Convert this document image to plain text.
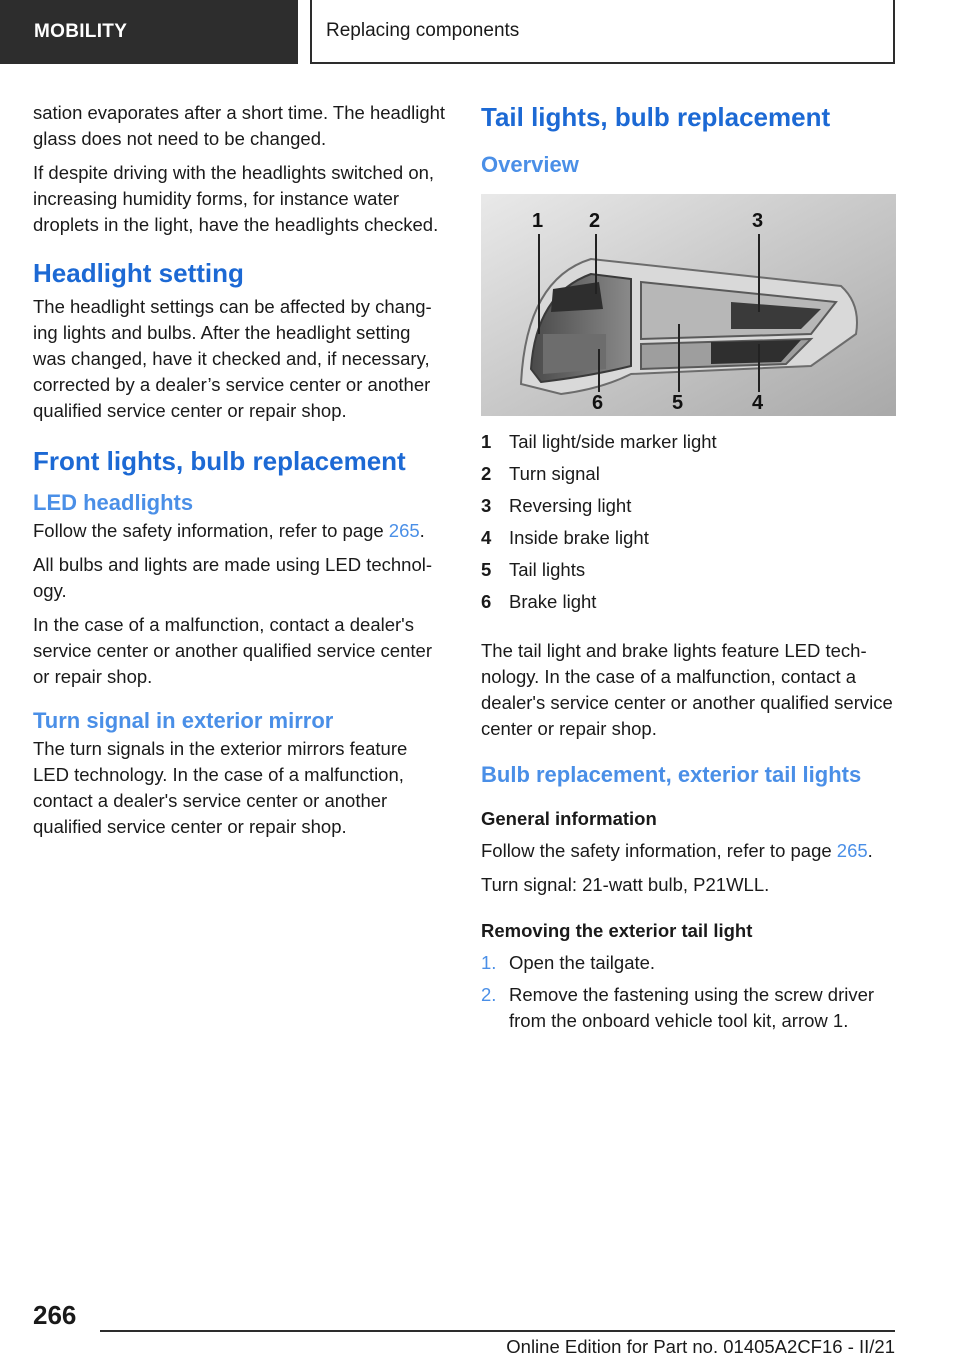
MOBILITY	Replacing components

sation evaporates after a short time. The headlight glass does not need to be changed.

If despite driving with the headlights switched on, increasing humidity forms, for instance water droplets in the light, have the headlights checked.

Headlight setting

The headlight settings can be affected by changing lights and bulbs. After the headlight setting was changed, have it checked and, if necessary, corrected by a dealer’s service center or another qualified service center or repair shop.

Front lights, bulb replacement
LED headlights

Follow the safety information, refer to page 265.

All bulbs and lights are made using LED technology.

In the case of a malfunction, contact a dealer's service center or another qualified service center or repair shop.

Turn signal in exterior mirror

The turn signals in the exterior mirrors feature LED technology. In the case of a malfunction, contact a dealer's service center or another qualified service center or repair shop.

Tail lights, bulb replacement
Overview
1 2	3
6	5	4
1 Tail light/side marker light
2 Turn signal
3 Reversing light
4 Inside brake light
5 Tail lights
6 Brake light

The tail light and brake lights feature LED technology. In the case of a malfunction, contact a dealer's service center or another qualified service center or repair shop.

Bulb replacement, exterior tail lights
General information

Follow the safety information, refer to page 265.

Turn signal: 21-watt bulb, P21WLL.

Removing the exterior tail light
1. Open the tailgate.
2. Remove the fastening using the screw driver from the onboard vehicle tool kit, arrow 1.
266
Online Edition for Part no. 01405A2CF16 - II/21
